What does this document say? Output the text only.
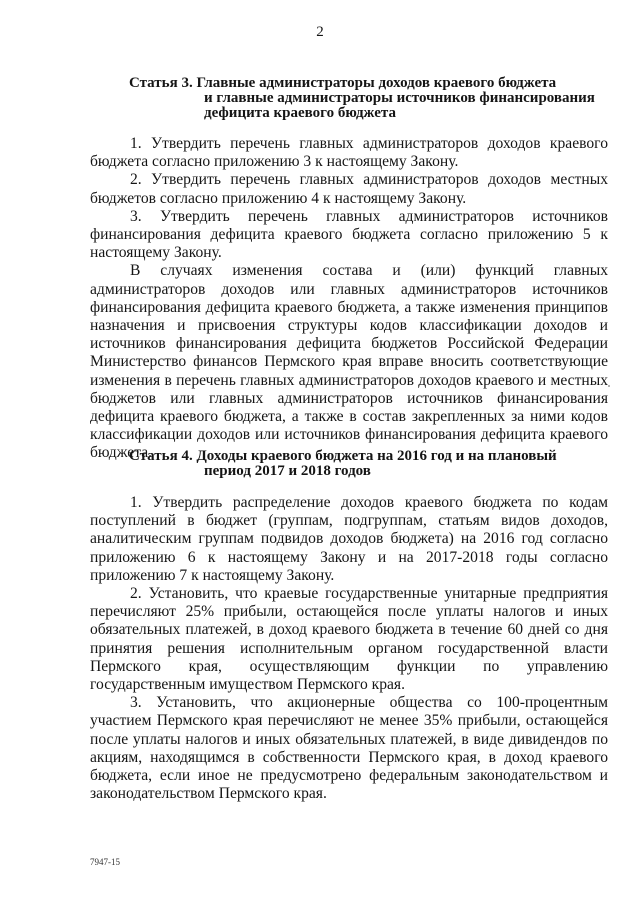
2
Статья 3. Главные администраторы доходов краевого бюджета
и главные администраторы источников финансирования
дефицита краевого бюджета

1. Утвердить перечень главных администраторов доходов краевого бюджета согласно приложению 3 к настоящему Закону.

2. Утвердить перечень главных администраторов доходов местных бюджетов согласно приложению 4 к настоящему Закону.

3. Утвердить перечень главных администраторов источников финансирования дефицита краевого бюджета согласно приложению 5 к настоящему Закону.

В случаях изменения состава и (или) функций главных администраторов доходов или главных администраторов источников финансирования дефицита краевого бюджета, а также изменения принципов назначения и присвоения структуры кодов классификации доходов и источников финансирования дефицита бюджетов Российской Федерации Министерство финансов Пермского края вправе вносить соответствующие изменения в перечень главных администраторов доходов краевого и местных бюджетов или главных администраторов источников финансирования дефицита краевого бюджета, а также в состав закрепленных за ними кодов классификации доходов или источников финансирования дефицита краевого бюджета.

Статья 4. Доходы краевого бюджета на 2016 год и на плановый
период 2017 и 2018 годов

1. Утвердить распределение доходов краевого бюджета по кодам поступлений в бюджет (группам, подгруппам, статьям видов доходов, аналитическим группам подвидов доходов бюджета) на 2016 год согласно приложению 6 к настоящему Закону и на 2017-2018 годы согласно приложению 7 к настоящему Закону.

2. Установить, что краевые государственные унитарные предприятия перечисляют 25% прибыли, остающейся после уплаты налогов и иных обязательных платежей, в доход краевого бюджета в течение 60 дней со дня принятия решения исполнительным органом государственной власти Пермского края, осуществляющим функции по управлению государственным имуществом Пермского края.

3. Установить, что акционерные общества со 100-процентным участием Пермского края перечисляют не менее 35% прибыли, остающейся после уплаты налогов и иных обязательных платежей, в виде дивидендов по акциям, находящимся в собственности Пермского края, в доход краевого бюджета, если иное не предусмотрено федеральным законодательством и законодательством Пермского края.

7947-15
